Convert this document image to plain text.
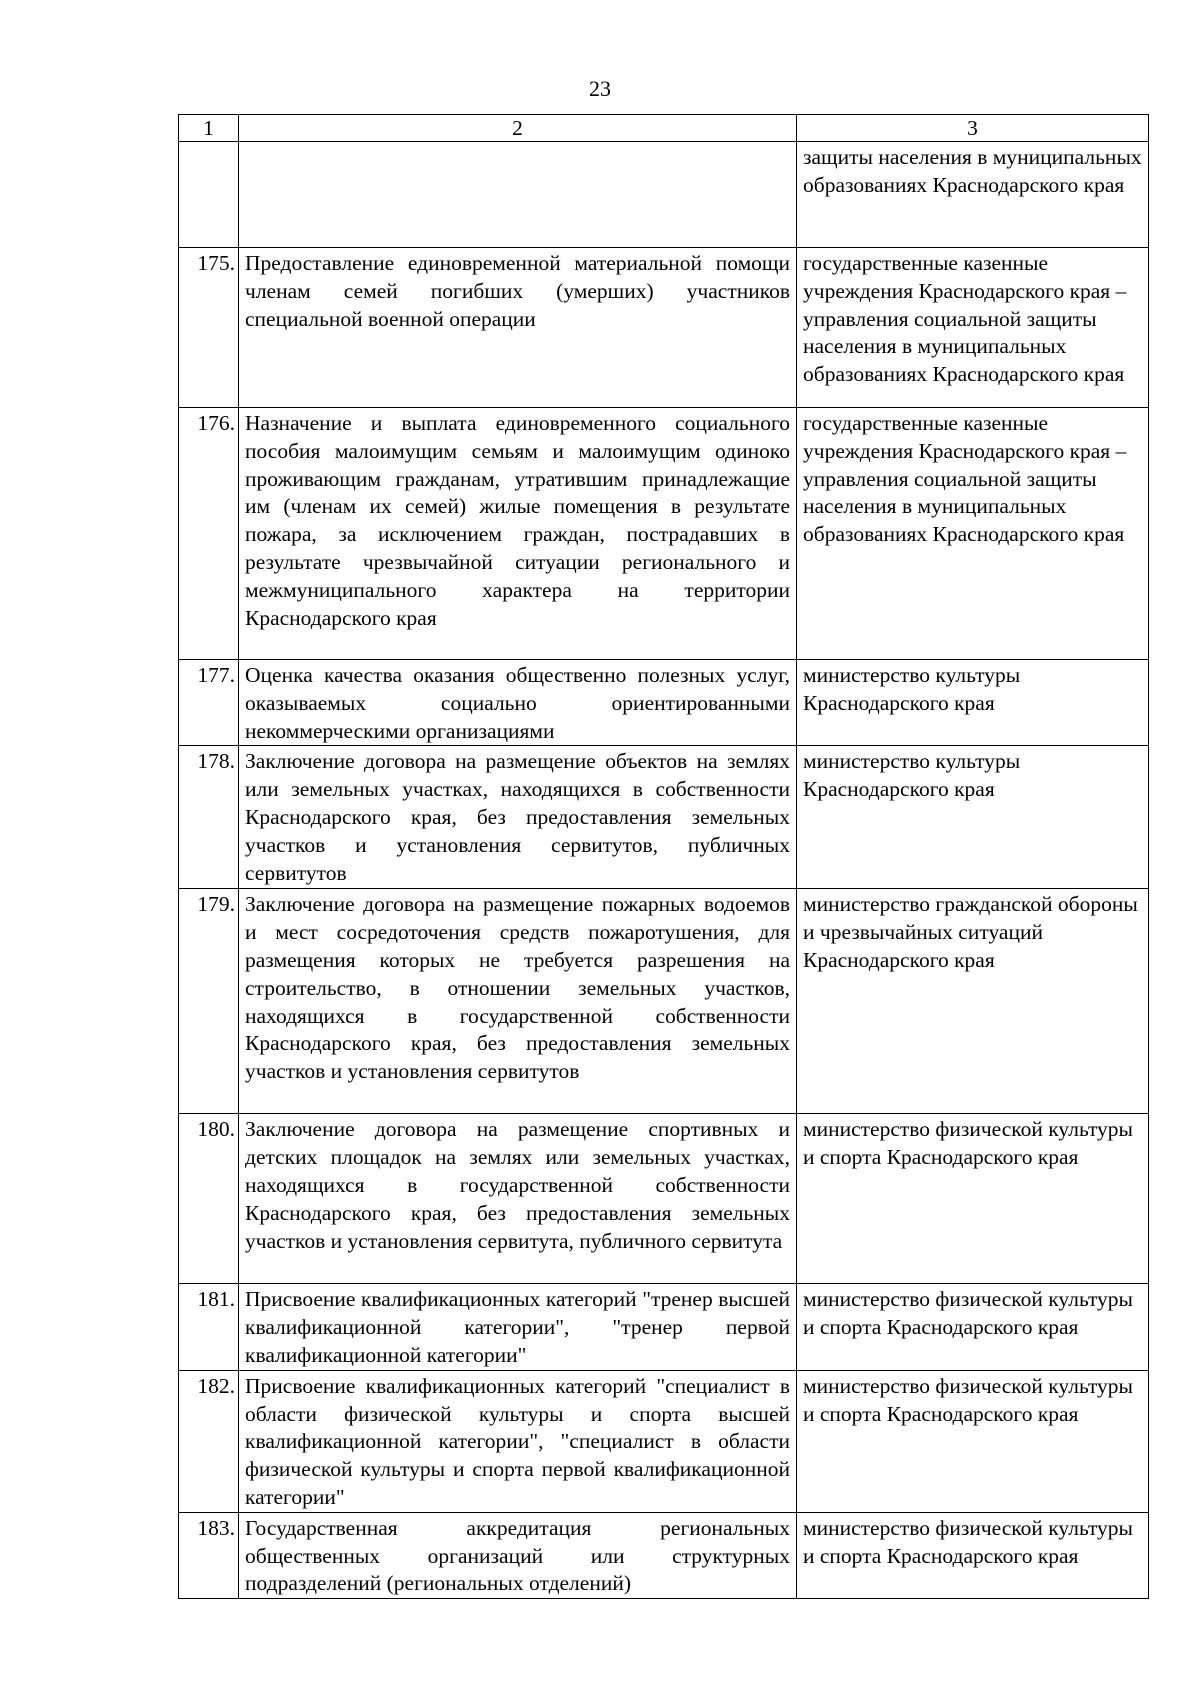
23
1	2	3
		защиты населения в муниципальных образованиях Краснодарского края
175.	Предоставление единовременной материальной помощи членам семей погибших (умерших) участников специальной военной операции	государственные казенные учреждения Краснодарского края – управления социальной защиты населения в муниципальных образованиях Краснодарского края
176.	Назначение и выплата единовременного социального пособия малоимущим семьям и малоимущим одиноко проживающим гражданам, утратившим принадлежащие им (членам их семей) жилые помещения в результате пожара, за исключением граждан, пострадавших в результате чрезвычайной ситуации регионального и межмуниципального характера на территории Краснодарского края	государственные казенные учреждения Краснодарского края – управления социальной защиты населения в муниципальных образованиях Краснодарского края
177.	Оценка качества оказания общественно полезных услуг, оказываемых социально ориентированными некоммерческими организациями	министерство культуры Краснодарского края
178.	Заключение договора на размещение объектов на землях или земельных участках, находящихся в собственности Краснодарского края, без предоставления земельных участков и установления сервитутов, публичных сервитутов	министерство культуры Краснодарского края
179.	Заключение договора на размещение пожарных водоемов и мест сосредоточения средств пожаротушения, для размещения которых не требуется разрешения на строительство, в отношении земельных участков, находящихся в государственной собственности Краснодарского края, без предоставления земельных участков и установления сервитутов	министерство гражданской обороны и чрезвычайных ситуаций Краснодарского края
180.	Заключение договора на размещение спортивных и детских площадок на землях или земельных участках, находящихся в государственной собственности Краснодарского края, без предоставления земельных участков и установления сервитута, публичного сервитута	министерство физической культуры и спорта Краснодарского края
181.	Присвоение квалификационных категорий "тренер высшей квалификационной категории", "тренер первой квалификационной категории"	министерство физической культуры и спорта Краснодарского края
182.	Присвоение квалификационных категорий "специалист в области физической культуры и спорта высшей квалификационной категории", "специалист в области физической культуры и спорта первой квалификационной категории"	министерство физической культуры и спорта Краснодарского края
183.	Государственная аккредитация региональных общественных организаций или структурных подразделений (региональных отделений)	министерство физической культуры и спорта Краснодарского края
